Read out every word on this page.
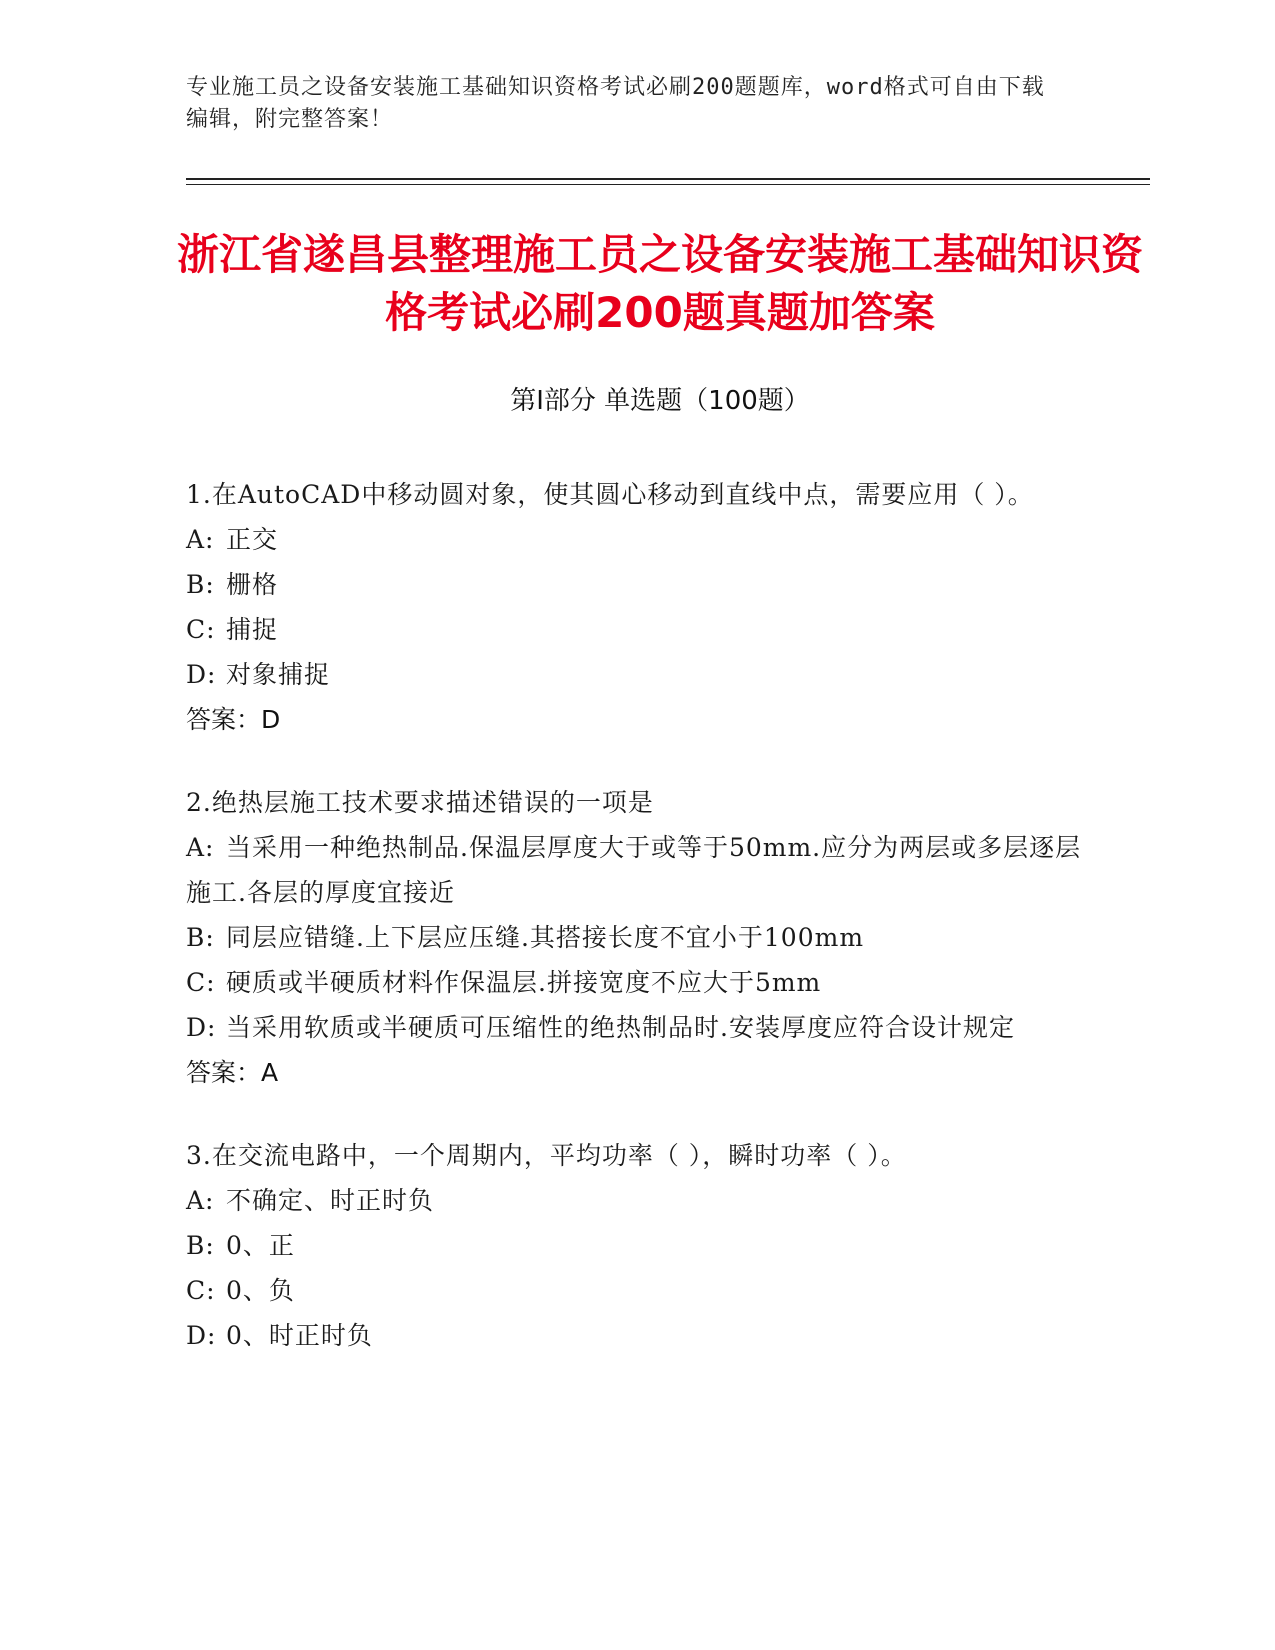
专业施工员之设备安装施工基础知识资格考试必刷200题题库，word格式可自由下载编辑，附完整答案！
浙江省遂昌县整理施工员之设备安装施工基础知识资格考试必刷200题真题加答案
第Ⅰ部分 单选题（100题）
1.在AutoCAD中移动圆对象，使其圆心移动到直线中点，需要应用（ ）。
A: 正交
B: 栅格
C: 捕捉
D: 对象捕捉
答案：D
2.绝热层施工技术要求描述错误的一项是
A: 当采用一种绝热制品.保温层厚度大于或等于50mm.应分为两层或多层逐层施工.各层的厚度宜接近
B: 同层应错缝.上下层应压缝.其搭接长度不宜小于100mm
C: 硬质或半硬质材料作保温层.拼接宽度不应大于5mm
D: 当采用软质或半硬质可压缩性的绝热制品时.安装厚度应符合设计规定
答案：A
3.在交流电路中，一个周期内，平均功率（ ），瞬时功率（ ）。
A: 不确定、时正时负
B: 0、正
C: 0、负
D: 0、时正时负
